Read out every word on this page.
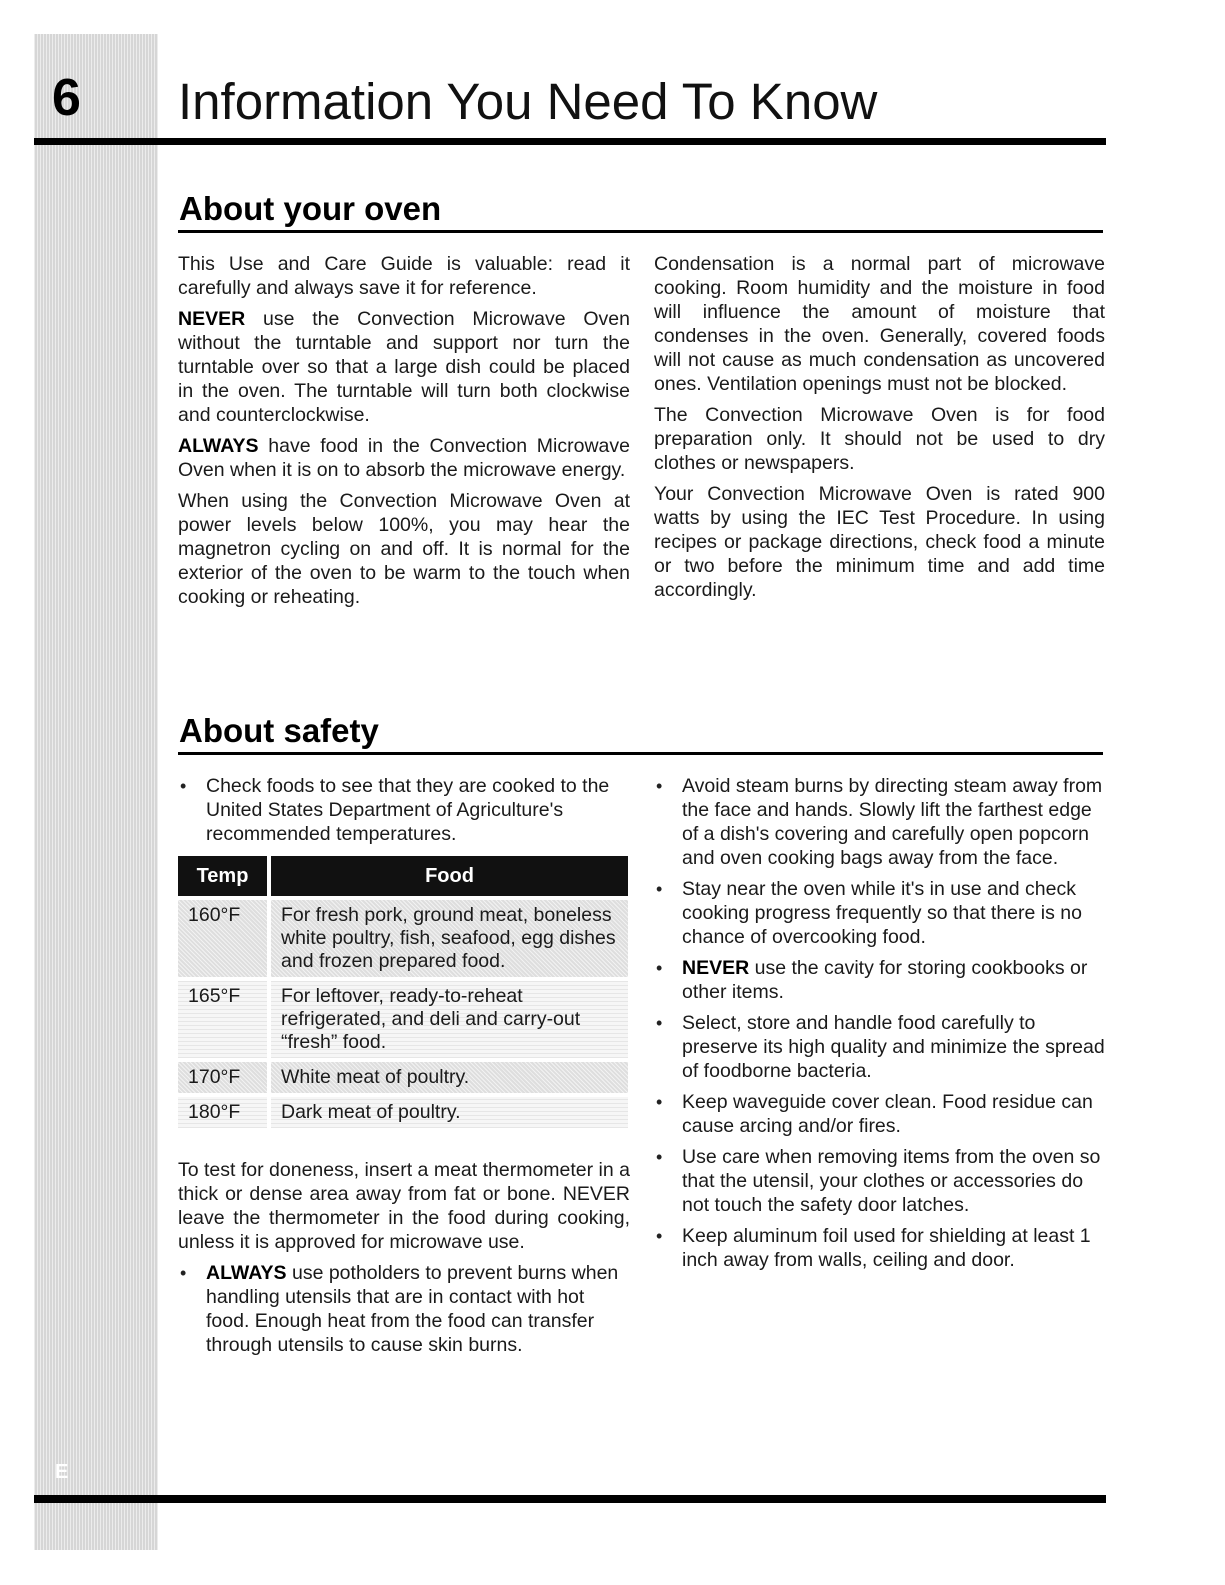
6
E
Information You Need To Know
About your oven

This Use and Care Guide is valuable: read it carefully and always save it for reference.

NEVER use the Convection Microwave Oven without the turntable and support nor turn the turntable over so that a large dish could be placed in the oven. The turntable will turn both clockwise and counterclockwise.

ALWAYS have food in the Convection Microwave Oven when it is on to absorb the microwave energy.

When using the Convection Microwave Oven at power levels below 100%, you may hear the magnetron cycling on and off. It is normal for the exterior of the oven to be warm to the touch when cooking or reheating.

Condensation is a normal part of microwave cooking. Room humidity and the moisture in food will influence the amount of moisture that condenses in the oven. Generally, covered foods will not cause as much condensation as uncovered ones. Ventilation openings must not be blocked.

The Convection Microwave Oven is for food preparation only. It should not be used to dry clothes or newspapers.

Your Convection Microwave Oven is rated 900 watts by using the IEC Test Procedure. In using recipes or package directions, check food a minute or two before the minimum time and add time accordingly.

About safety
• Check foods to see that they are cooked to the United States Department of Agriculture's recommended temperatures.
Temp	Food
160°F	For fresh pork, ground meat, boneless white poultry, fish, seafood, egg dishes and frozen prepared food.
165°F	For leftover, ready-to-reheat refrigerated, and deli and carry-out “fresh” food.
170°F	White meat of poultry.
180°F	Dark meat of poultry.

To test for doneness, insert a meat thermometer in a thick or dense area away from fat or bone. NEVER leave the thermometer in the food during cooking, unless it is approved for microwave use.

• ALWAYS use potholders to prevent burns when handling utensils that are in contact with hot food. Enough heat from the food can transfer through utensils to cause skin burns.
• Avoid steam burns by directing steam away from the face and hands. Slowly lift the farthest edge of a dish's covering and carefully open popcorn and oven cooking bags away from the face.
• Stay near the oven while it's in use and check cooking progress frequently so that there is no chance of overcooking food.
• NEVER use the cavity for storing cookbooks or other items.
• Select, store and handle food carefully to preserve its high quality and minimize the spread of foodborne bacteria.
• Keep waveguide cover clean. Food residue can cause arcing and/or fires.
• Use care when removing items from the oven so that the utensil, your clothes or accessories do not touch the safety door latches.
• Keep aluminum foil used for shielding at least 1 inch away from walls, ceiling and door.
